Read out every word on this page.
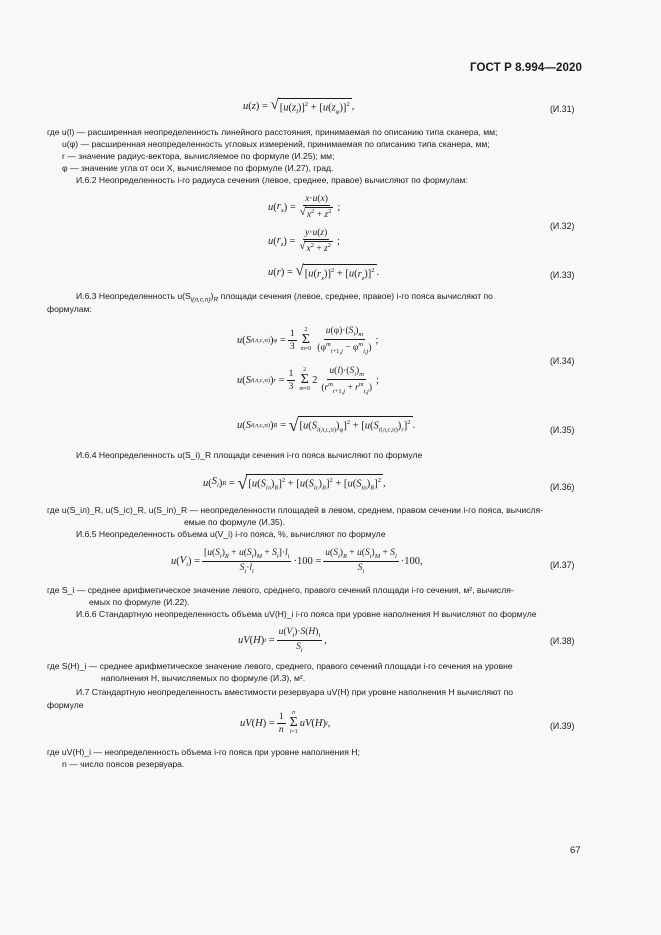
ГОСТ Р 8.994—2020
u ( z ) = √ $[u(z_l)]^2 + [u(z_\varphi)]^2$ ,	(И.31)
где u(l) — расширенная неопределенность линейного расстояния, принимаемая по описанию типа сканера, мм;
u(φ) — расширенная неопределенность угловых измерений, принимаемая по описанию типа сканера, мм;
r — значение радиус-вектора, вычисляемое по формуле (И.25); мм;
φ — значение угла от оси X, вычисляемое по формуле (И.27), град.
И.6.2 Неопределенность i-го радиуса сечения (левое, среднее, правое) вычисляют по формулам:
u ( $r_x$ ) = $\frac{x\cdot u(x)}{√ x^2 + z^2}$ ;
u ( $r_z$ ) = $\frac{y\cdot u(z)}{√ x^2 + z^2}$ ;
(И.32)
u ( r ) = √ $[u(r_x)]^2 + [u(r_z)]^2$ .	(И.33)
И.6.3 Неопределенность $u(S_{i(л,с,п)})_R$ площади сечения (левое, среднее, правое) i-го пояса вычисляют по
формулам:
u ( S i(л,с,п) ) $\varphi = \frac{1}{3} 2$
Σ
$m=0 \frac{u(\varphi)\cdot(S_i)_m}{(\varphi^m_{i+1,j} - \varphi^m_{i,j})}$ ;
u ( S i(л,с,п) ) $r = \frac{1}{3} 2$
Σ
m=0
$2 \frac{u(l)\cdot(S_i)_m}{(r^m_{i+1,j} + r^m_{i,j})}$ ;
(И.34)
u ( S i(л,с,п) ) R = √ $[u(S_{i(л,с,п)})_\varphi]^2 + [u(S_{i(л,с,п)})_r]^2$ .	(И.35)
И.6.4 Неопределенность u(S_i)_R площади сечения i-го пояса вычисляют по формуле
u ( $S_i$ ) R = √ $[u(S_{iл})_R]^2 + [u(S_{iс})_R]^2 + [u(S_{iп})_R]^2$ ,	(И.36)
где u(S_iл)_R, u(S_iс)_R, u(S_iп)_R — неопределенности площадей в левом, среднем, правом сечении i-го пояса, вычисля-
емые по формуле (И.35).
И.6.5 Неопределенность объема u(V_i) i-го пояса, %, вычисляют по формуле
u ( $V_i$ ) = $\frac{[u(S_i)_R + u(S_i)_M + S_i]\cdot l_i}{S_i\cdot l_i} \cdot 100 = \frac{u(S_i)_R + u(S_i)_M + S_i}{S_i} \cdot 100$,	(И.37)
где S_i — среднее арифметическое значение левого, среднего, правого сечений площади i-го сечения, м², вычисля-
емых по формуле (И.22).
И.6.6 Стандартную неопределенность объема uV(H)_i i-го пояса при уровне наполнения H вычисляют по формуле
uV ( H ) $i = \frac{u(V_i)\cdot S(H)_i}{S_i}$ ,	(И.38)
где S(H)_i — среднее арифметическое значение левого, среднего, правого сечений площади i-го сечения на уровне
наполнения H, вычисляемых по формуле (И.3), м².
И.7 Стандартную неопределенность вместимости резервуара uV(H) при уровне наполнения H вычисляют по
формуле
uV ( H ) = $\frac{1}{n}$ n
Σ
i=1
uV ( H ) i ,	(И.39)
где uV(H)_i — неопределенность объема i-го пояса при уровне наполнения H;
n — число поясов резервуара.
67
